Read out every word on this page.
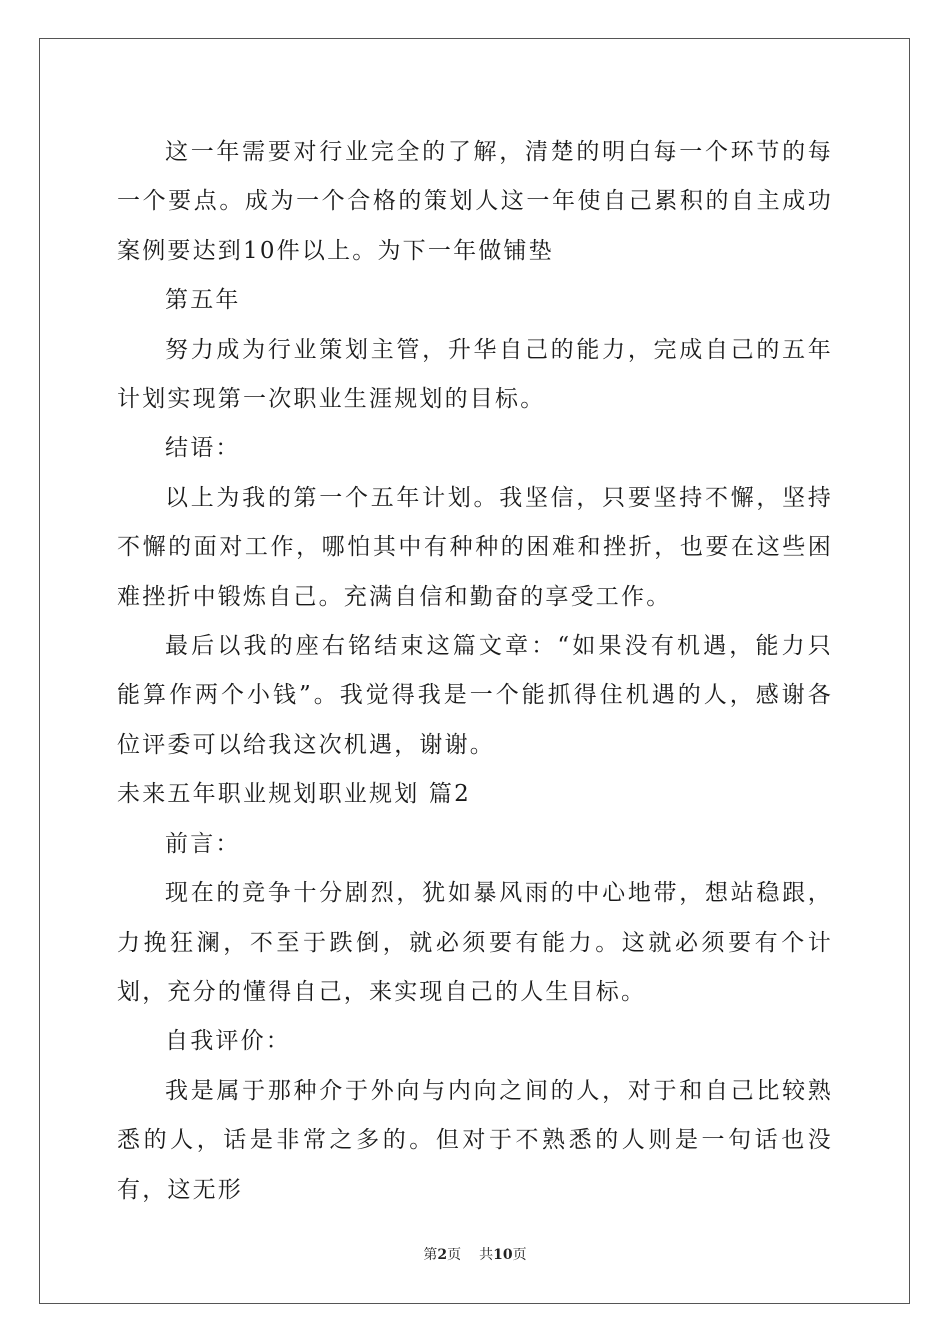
这一年需要对行业完全的了解，清楚的明白每一个环节的每一个要点。成为一个合格的策划人这一年使自己累积的自主成功案例要达到10件以上。为下一年做铺垫

第五年

努力成为行业策划主管，升华自己的能力，完成自己的五年计划实现第一次职业生涯规划的目标。

结语：

以上为我的第一个五年计划。我坚信，只要坚持不懈，坚持不懈的面对工作，哪怕其中有种种的困难和挫折，也要在这些困难挫折中锻炼自己。充满自信和勤奋的享受工作。

最后以我的座右铭结束这篇文章：“如果没有机遇，能力只能算作两个小钱”。我觉得我是一个能抓得住机遇的人，感谢各位评委可以给我这次机遇，谢谢。

未来五年职业规划职业规划 篇2

前言：

现在的竞争十分剧烈，犹如暴风雨的中心地带，想站稳跟，力挽狂澜，不至于跌倒，就必须要有能力。这就必须要有个计划，充分的懂得自己，来实现自己的人生目标。

自我评价：

我是属于那种介于外向与内向之间的人，对于和自己比较熟悉的人，话是非常之多的。但对于不熟悉的人则是一句话也没有，这无形

第2页 共10页
